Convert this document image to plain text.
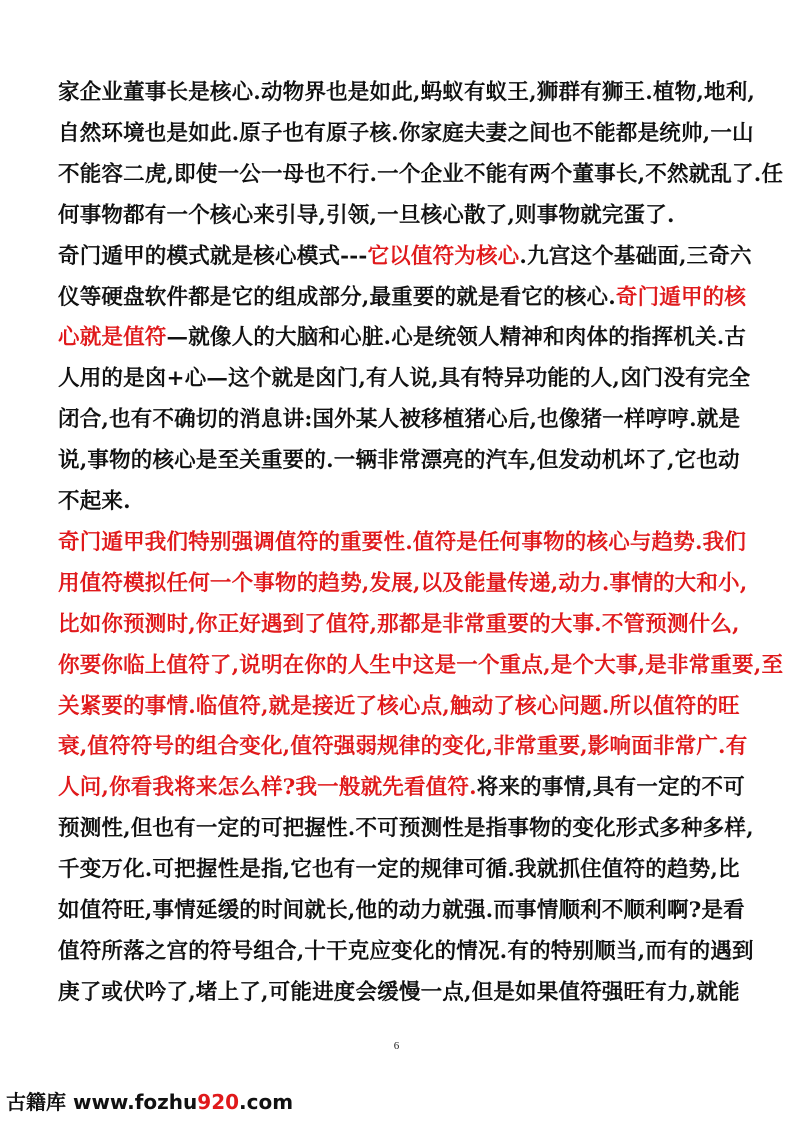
家企业董事长是核心.动物界也是如此,蚂蚁有蚁王,狮群有狮王.植物,地利,
自然环境也是如此.原子也有原子核.你家庭夫妻之间也不能都是统帅,一山
不能容二虎,即使一公一母也不行.一个企业不能有两个董事长,不然就乱了.任
何事物都有一个核心来引导,引领,一旦核心散了,则事物就完蛋了.
奇门遁甲的模式就是核心模式---它以值符为核心.九宫这个基础面,三奇六
仪等硬盘软件都是它的组成部分,最重要的就是看它的核心.奇门遁甲的核
心就是值符—就像人的大脑和心脏.心是统领人精神和肉体的指挥机关.古
人用的是囟+心—这个就是囟门,有人说,具有特异功能的人,囟门没有完全
闭合,也有不确切的消息讲:国外某人被移植猪心后,也像猪一样哼哼.就是
说,事物的核心是至关重要的.一辆非常漂亮的汽车,但发动机坏了,它也动
不起来.
奇门遁甲我们特别强调值符的重要性.值符是任何事物的核心与趋势.我们
用值符模拟任何一个事物的趋势,发展,以及能量传递,动力.事情的大和小,
比如你预测时,你正好遇到了值符,那都是非常重要的大事.不管预测什么,
你要你临上值符了,说明在你的人生中这是一个重点,是个大事,是非常重要,至
关紧要的事情.临值符,就是接近了核心点,触动了核心问题.所以值符的旺
衰,值符符号的组合变化,值符强弱规律的变化,非常重要,影响面非常广.有
人问,你看我将来怎么样?我一般就先看值符.将来的事情,具有一定的不可
预测性,但也有一定的可把握性.不可预测性是指事物的变化形式多种多样,
千变万化.可把握性是指,它也有一定的规律可循.我就抓住值符的趋势,比
如值符旺,事情延缓的时间就长,他的动力就强.而事情顺利不顺利啊?是看
值符所落之宫的符号组合,十干克应变化的情况.有的特别顺当,而有的遇到
庚了或伏吟了,堵上了,可能进度会缓慢一点,但是如果值符强旺有力,就能
6
古籍库 www.fozhu920.com
